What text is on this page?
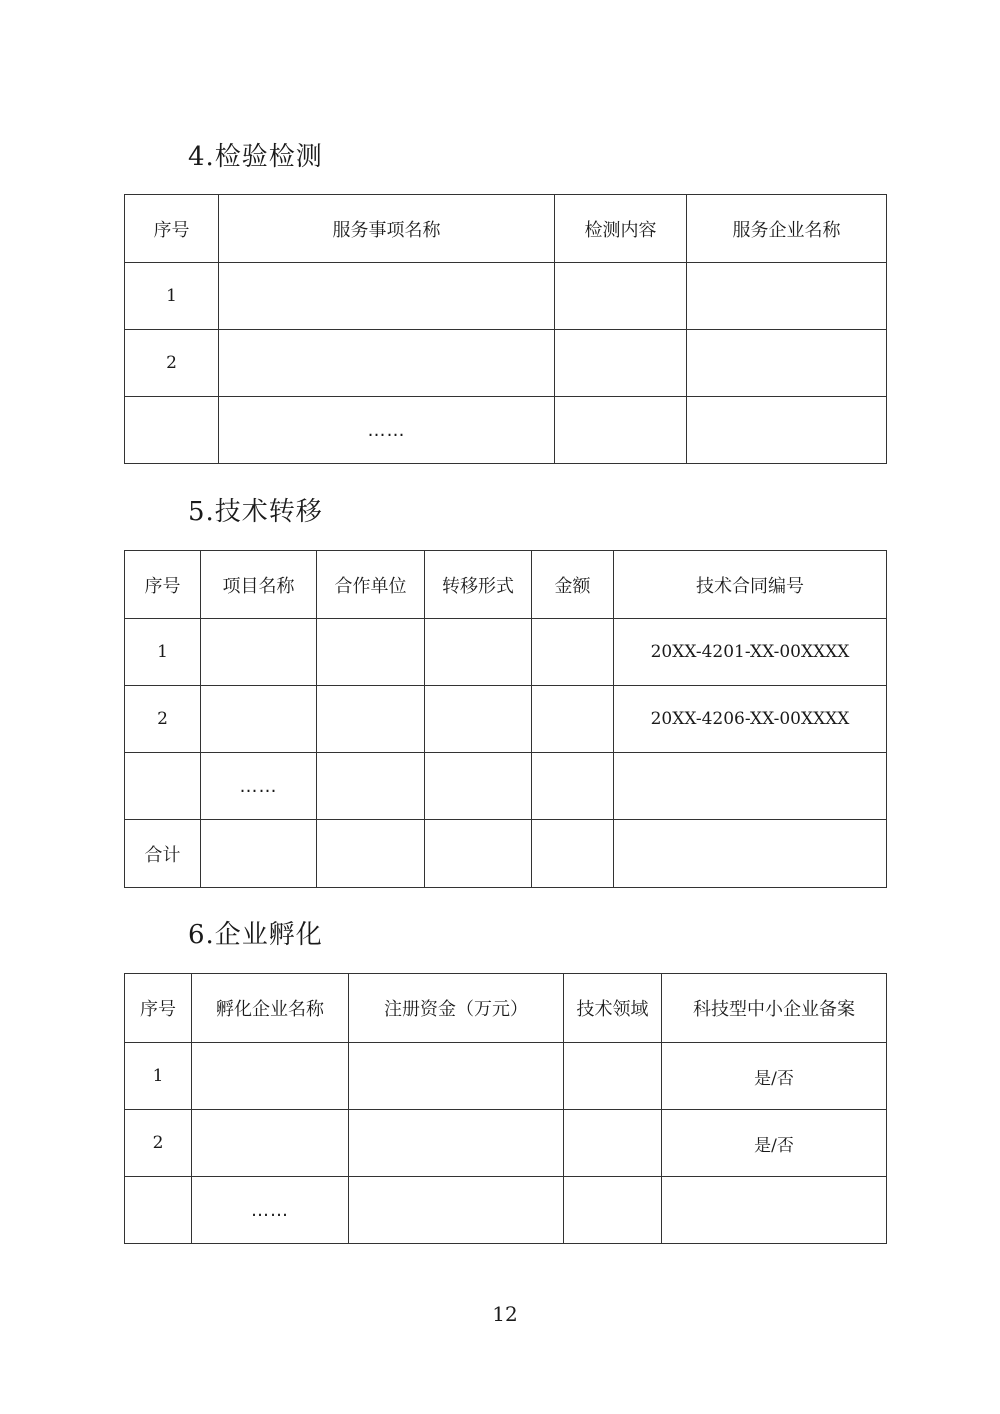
4.检验检测
序号	服务事项名称	检测内容	服务企业名称
1			
2			
	……		
5.技术转移
序号	项目名称	合作单位	转移形式	金额	技术合同编号
1					20XX-4201-XX-00XXXX
2					20XX-4206-XX-00XXXX
	……				
合计					
6.企业孵化
序号	孵化企业名称	注册资金（万元）	技术领域	科技型中小企业备案
1				是/否
2				是/否
	……			
12
